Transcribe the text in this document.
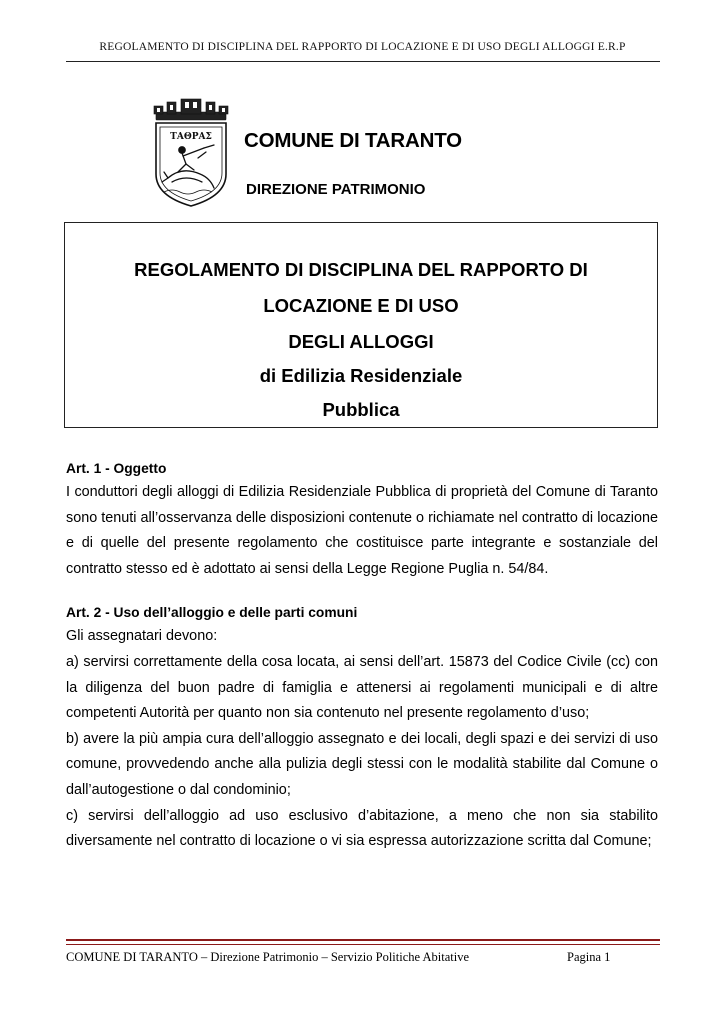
REGOLAMENTO DI DISCIPLINA DEL RAPPORTO DI LOCAZIONE E DI USO DEGLI ALLOGGI E.R.P
ΤΑΘΡΑΣ COMUNE DI TARANTO
DIREZIONE PATRIMONIO
REGOLAMENTO DI DISCIPLINA DEL RAPPORTO DI
LOCAZIONE E DI USO
DEGLI ALLOGGI
di Edilizia Residenziale
Pubblica
Art. 1 - Oggetto

I conduttori degli alloggi di Edilizia Residenziale Pubblica di proprietà del Comune di Taranto sono tenuti all’osservanza delle disposizioni contenute o richiamate nel contratto di locazione e di quelle del presente regolamento che costituisce parte integrante e sostanziale del contratto stesso ed è adottato ai sensi della Legge Regione Puglia n. 54/84.

Art. 2 - Uso dell’alloggio e delle parti comuni

Gli assegnatari devono:

a) servirsi correttamente della cosa locata, ai sensi dell’art. 15873 del Codice Civile (cc) con la diligenza del buon padre di famiglia e attenersi ai regolamenti municipali e di altre competenti Autorità per quanto non sia contenuto nel presente regolamento d’uso;

b) avere la più ampia cura dell’alloggio assegnato e dei locali, degli spazi e dei servizi di uso comune, provvedendo anche alla pulizia degli stessi con le modalità stabilite dal Comune o dall’autogestione o dal condominio;

c) servirsi dell’alloggio ad uso esclusivo d’abitazione, a meno che non sia stabilito diversamente nel contratto di locazione o vi sia espressa autorizzazione scritta dal Comune;

COMUNE DI TARANTO – Direzione Patrimonio – Servizio Politiche Abitative	Pagina 1
